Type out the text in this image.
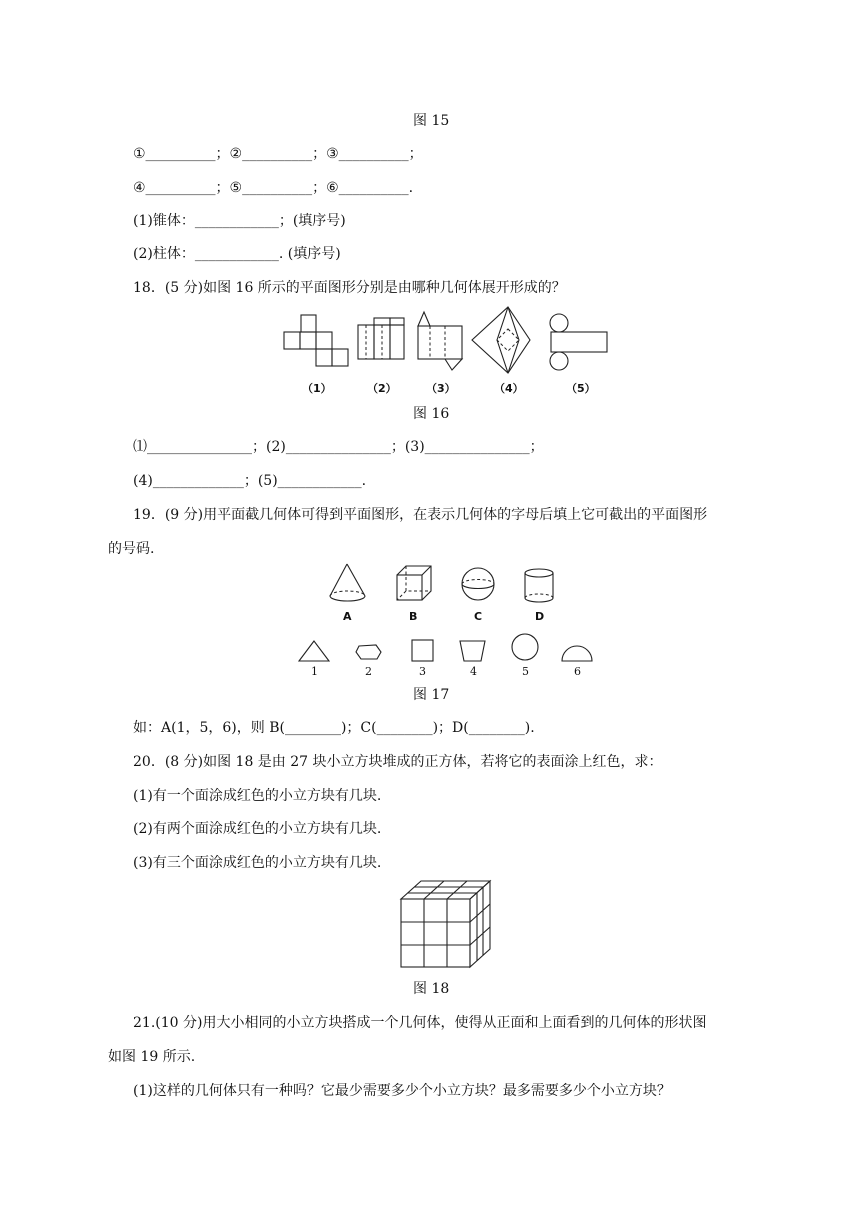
图 15
①__________；②__________；③__________；
④__________；⑤__________；⑥__________.
(1)锥体：____________；(填序号)
(2)柱体：____________. (填序号)
18．(5 分)如图 16 所示的平面图形分别是由哪种几何体展开形成的？
（1）	（2）	（3）	（4）	（5）
图 16
⑴_______________；(2)_______________；(3)_______________；
(4)_____________；(5)____________.
19．(9 分)用平面截几何体可得到平面图形，在表示几何体的字母后填上它可截出的平面图形
的号码.
A	B	C	D
1	2	3	4	5	6
图 17
如：A(1，5，6)，则 B(________)；C(________)；D(________).
20．(8 分)如图 18 是由 27 块小立方块堆成的正方体，若将它的表面涂上红色，求：
(1)有一个面涂成红色的小立方块有几块.
(2)有两个面涂成红色的小立方块有几块.
(3)有三个面涂成红色的小立方块有几块.
图 18
21.(10 分)用大小相同的小立方块搭成一个几何体，使得从正面和上面看到的几何体的形状图
如图 19 所示.
(1)这样的几何体只有一种吗？它最少需要多少个小立方块？最多需要多少个小立方块？
